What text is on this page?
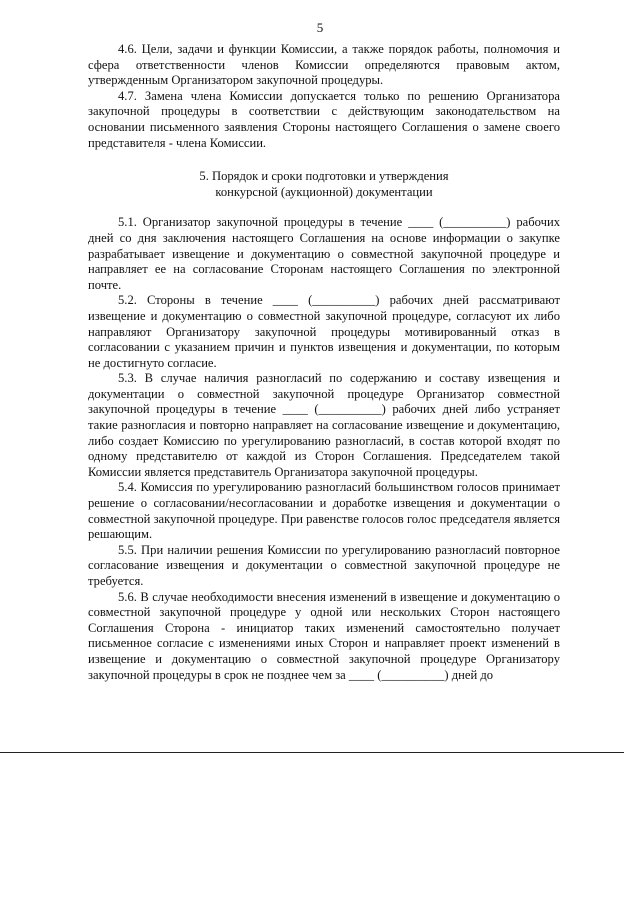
5

4.6. Цели, задачи и функции Комиссии, а также порядок работы, полномочия и сфера ответственности членов Комиссии определяются правовым актом, утвержденным Организатором закупочной процедуры.

4.7. Замена члена Комиссии допускается только по решению Организатора закупочной процедуры в соответствии с действующим законодательством на основании письменного заявления Стороны настоящего Соглашения о замене своего представителя - члена Комиссии.

5. Порядок и сроки подготовки и утверждения
конкурсной (аукционной) документации

5.1. Организатор закупочной процедуры в течение ____ (__________) рабочих дней со дня заключения настоящего Соглашения на основе информации о закупке разрабатывает извещение и документацию о совместной закупочной процедуре и направляет ее на согласование Сторонам настоящего Соглашения по электронной почте.

5.2. Стороны в течение ____ (__________) рабочих дней рассматривают извещение и документацию о совместной закупочной процедуре, согласуют их либо направляют Организатору закупочной процедуры мотивированный отказ в согласовании с указанием причин и пунктов извещения и документации, по которым не достигнуто согласие.

5.3. В случае наличия разногласий по содержанию и составу извещения и документации о совместной закупочной процедуре Организатор совместной закупочной процедуры в течение ____ (__________) рабочих дней либо устраняет такие разногласия и повторно направляет на согласование извещение и документацию, либо создает Комиссию по урегулированию разногласий, в состав которой входят по одному представителю от каждой из Сторон Соглашения. Председателем такой Комиссии является представитель Организатора закупочной процедуры.

5.4. Комиссия по урегулированию разногласий большинством голосов принимает решение о согласовании/несогласовании и доработке извещения и документации о совместной закупочной процедуре. При равенстве голосов голос председателя является решающим.

5.5. При наличии решения Комиссии по урегулированию разногласий повторное согласование извещения и документации о совместной закупочной процедуре не требуется.

5.6. В случае необходимости внесения изменений в извещение и документацию о совместной закупочной процедуре у одной или нескольких Сторон настоящего Соглашения Сторона - инициатор таких изменений самостоятельно получает письменное согласие с изменениями иных Сторон и направляет проект изменений в извещение и документацию о совместной закупочной процедуре Организатору закупочной процедуры в срок не позднее чем за ____ (__________) дней до
